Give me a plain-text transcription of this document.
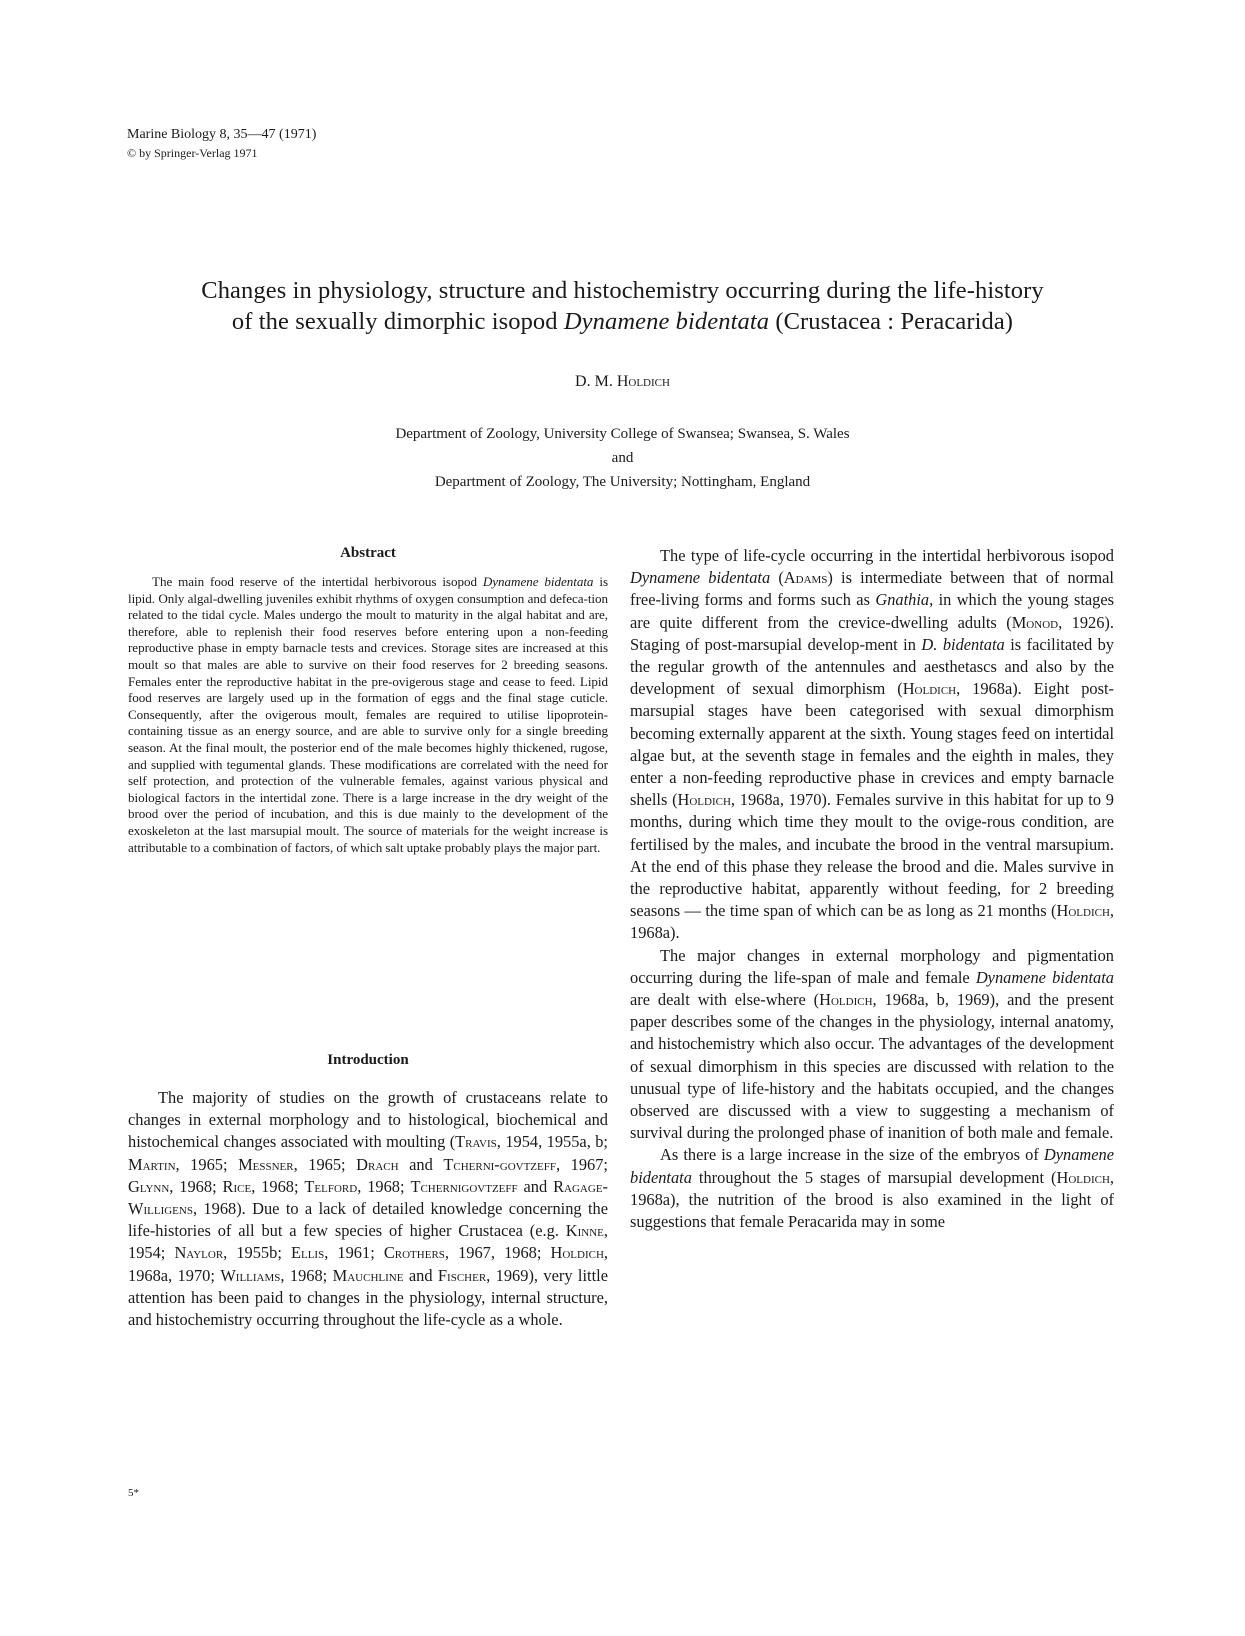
Marine Biology 8, 35—47 (1971)
© by Springer-Verlag 1971
Changes in physiology, structure and histochemistry occurring during the life-history
of the sexually dimorphic isopod Dynamene bidentata (Crustacea : Peracarida)
D. M. Holdich
Department of Zoology, University College of Swansea; Swansea, S. Wales
and
Department of Zoology, The University; Nottingham, England
Abstract

The main food reserve of the intertidal herbivorous isopod Dynamene bidentata is lipid. Only algal-dwelling juveniles exhibit rhythms of oxygen consumption and defeca-tion related to the tidal cycle. Males undergo the moult to maturity in the algal habitat and are, therefore, able to replenish their food reserves before entering upon a non-feeding reproductive phase in empty barnacle tests and crevices. Storage sites are increased at this moult so that males are able to survive on their food reserves for 2 breeding seasons. Females enter the reproductive habitat in the pre-ovigerous stage and cease to feed. Lipid food reserves are largely used up in the formation of eggs and the final stage cuticle. Consequently, after the ovigerous moult, females are required to utilise lipoprotein-containing tissue as an energy source, and are able to survive only for a single breeding season. At the final moult, the posterior end of the male becomes highly thickened, rugose, and supplied with tegumental glands. These modifications are correlated with the need for self protection, and protection of the vulnerable females, against various physical and biological factors in the intertidal zone. There is a large increase in the dry weight of the brood over the period of incubation, and this is due mainly to the development of the exoskeleton at the last marsupial moult. The source of materials for the weight increase is attributable to a combination of factors, of which salt uptake probably plays the major part.

Introduction

The majority of studies on the growth of crustaceans relate to changes in external morphology and to histological, biochemical and histochemical changes associated with moulting (Travis, 1954, 1955a, b; Martin, 1965; Messner, 1965; Drach and Tcherni-govtzeff, 1967; Glynn, 1968; Rice, 1968; Telford, 1968; Tchernigovtzeff and Ragage-Willigens, 1968). Due to a lack of detailed knowledge concerning the life-histories of all but a few species of higher Crustacea (e.g. Kinne, 1954; Naylor, 1955b; Ellis, 1961; Crothers, 1967, 1968; Holdich, 1968a, 1970; Williams, 1968; Mauchline and Fischer, 1969), very little attention has been paid to changes in the physiology, internal structure, and histochemistry occurring throughout the life-cycle as a whole.

The type of life-cycle occurring in the intertidal herbivorous isopod Dynamene bidentata (Adams) is intermediate between that of normal free-living forms and forms such as Gnathia, in which the young stages are quite different from the crevice-dwelling adults (Monod, 1926). Staging of post-marsupial develop-ment in D. bidentata is facilitated by the regular growth of the antennules and aesthetascs and also by the development of sexual dimorphism (Holdich, 1968a). Eight post-marsupial stages have been categorised with sexual dimorphism becoming externally apparent at the sixth. Young stages feed on intertidal algae but, at the seventh stage in females and the eighth in males, they enter a non-feeding reproductive phase in crevices and empty barnacle shells (Holdich, 1968a, 1970). Females survive in this habitat for up to 9 months, during which time they moult to the ovige-rous condition, are fertilised by the males, and incubate the brood in the ventral marsupium. At the end of this phase they release the brood and die. Males survive in the reproductive habitat, apparently without feeding, for 2 breeding seasons — the time span of which can be as long as 21 months (Holdich, 1968a).

The major changes in external morphology and pigmentation occurring during the life-span of male and female Dynamene bidentata are dealt with else-where (Holdich, 1968a, b, 1969), and the present paper describes some of the changes in the physiology, internal anatomy, and histochemistry which also occur. The advantages of the development of sexual dimorphism in this species are discussed with relation to the unusual type of life-history and the habitats occupied, and the changes observed are discussed with a view to suggesting a mechanism of survival during the prolonged phase of inanition of both male and female.

As there is a large increase in the size of the embryos of Dynamene bidentata throughout the 5 stages of marsupial development (Holdich, 1968a), the nutrition of the brood is also examined in the light of suggestions that female Peracarida may in some

5*
